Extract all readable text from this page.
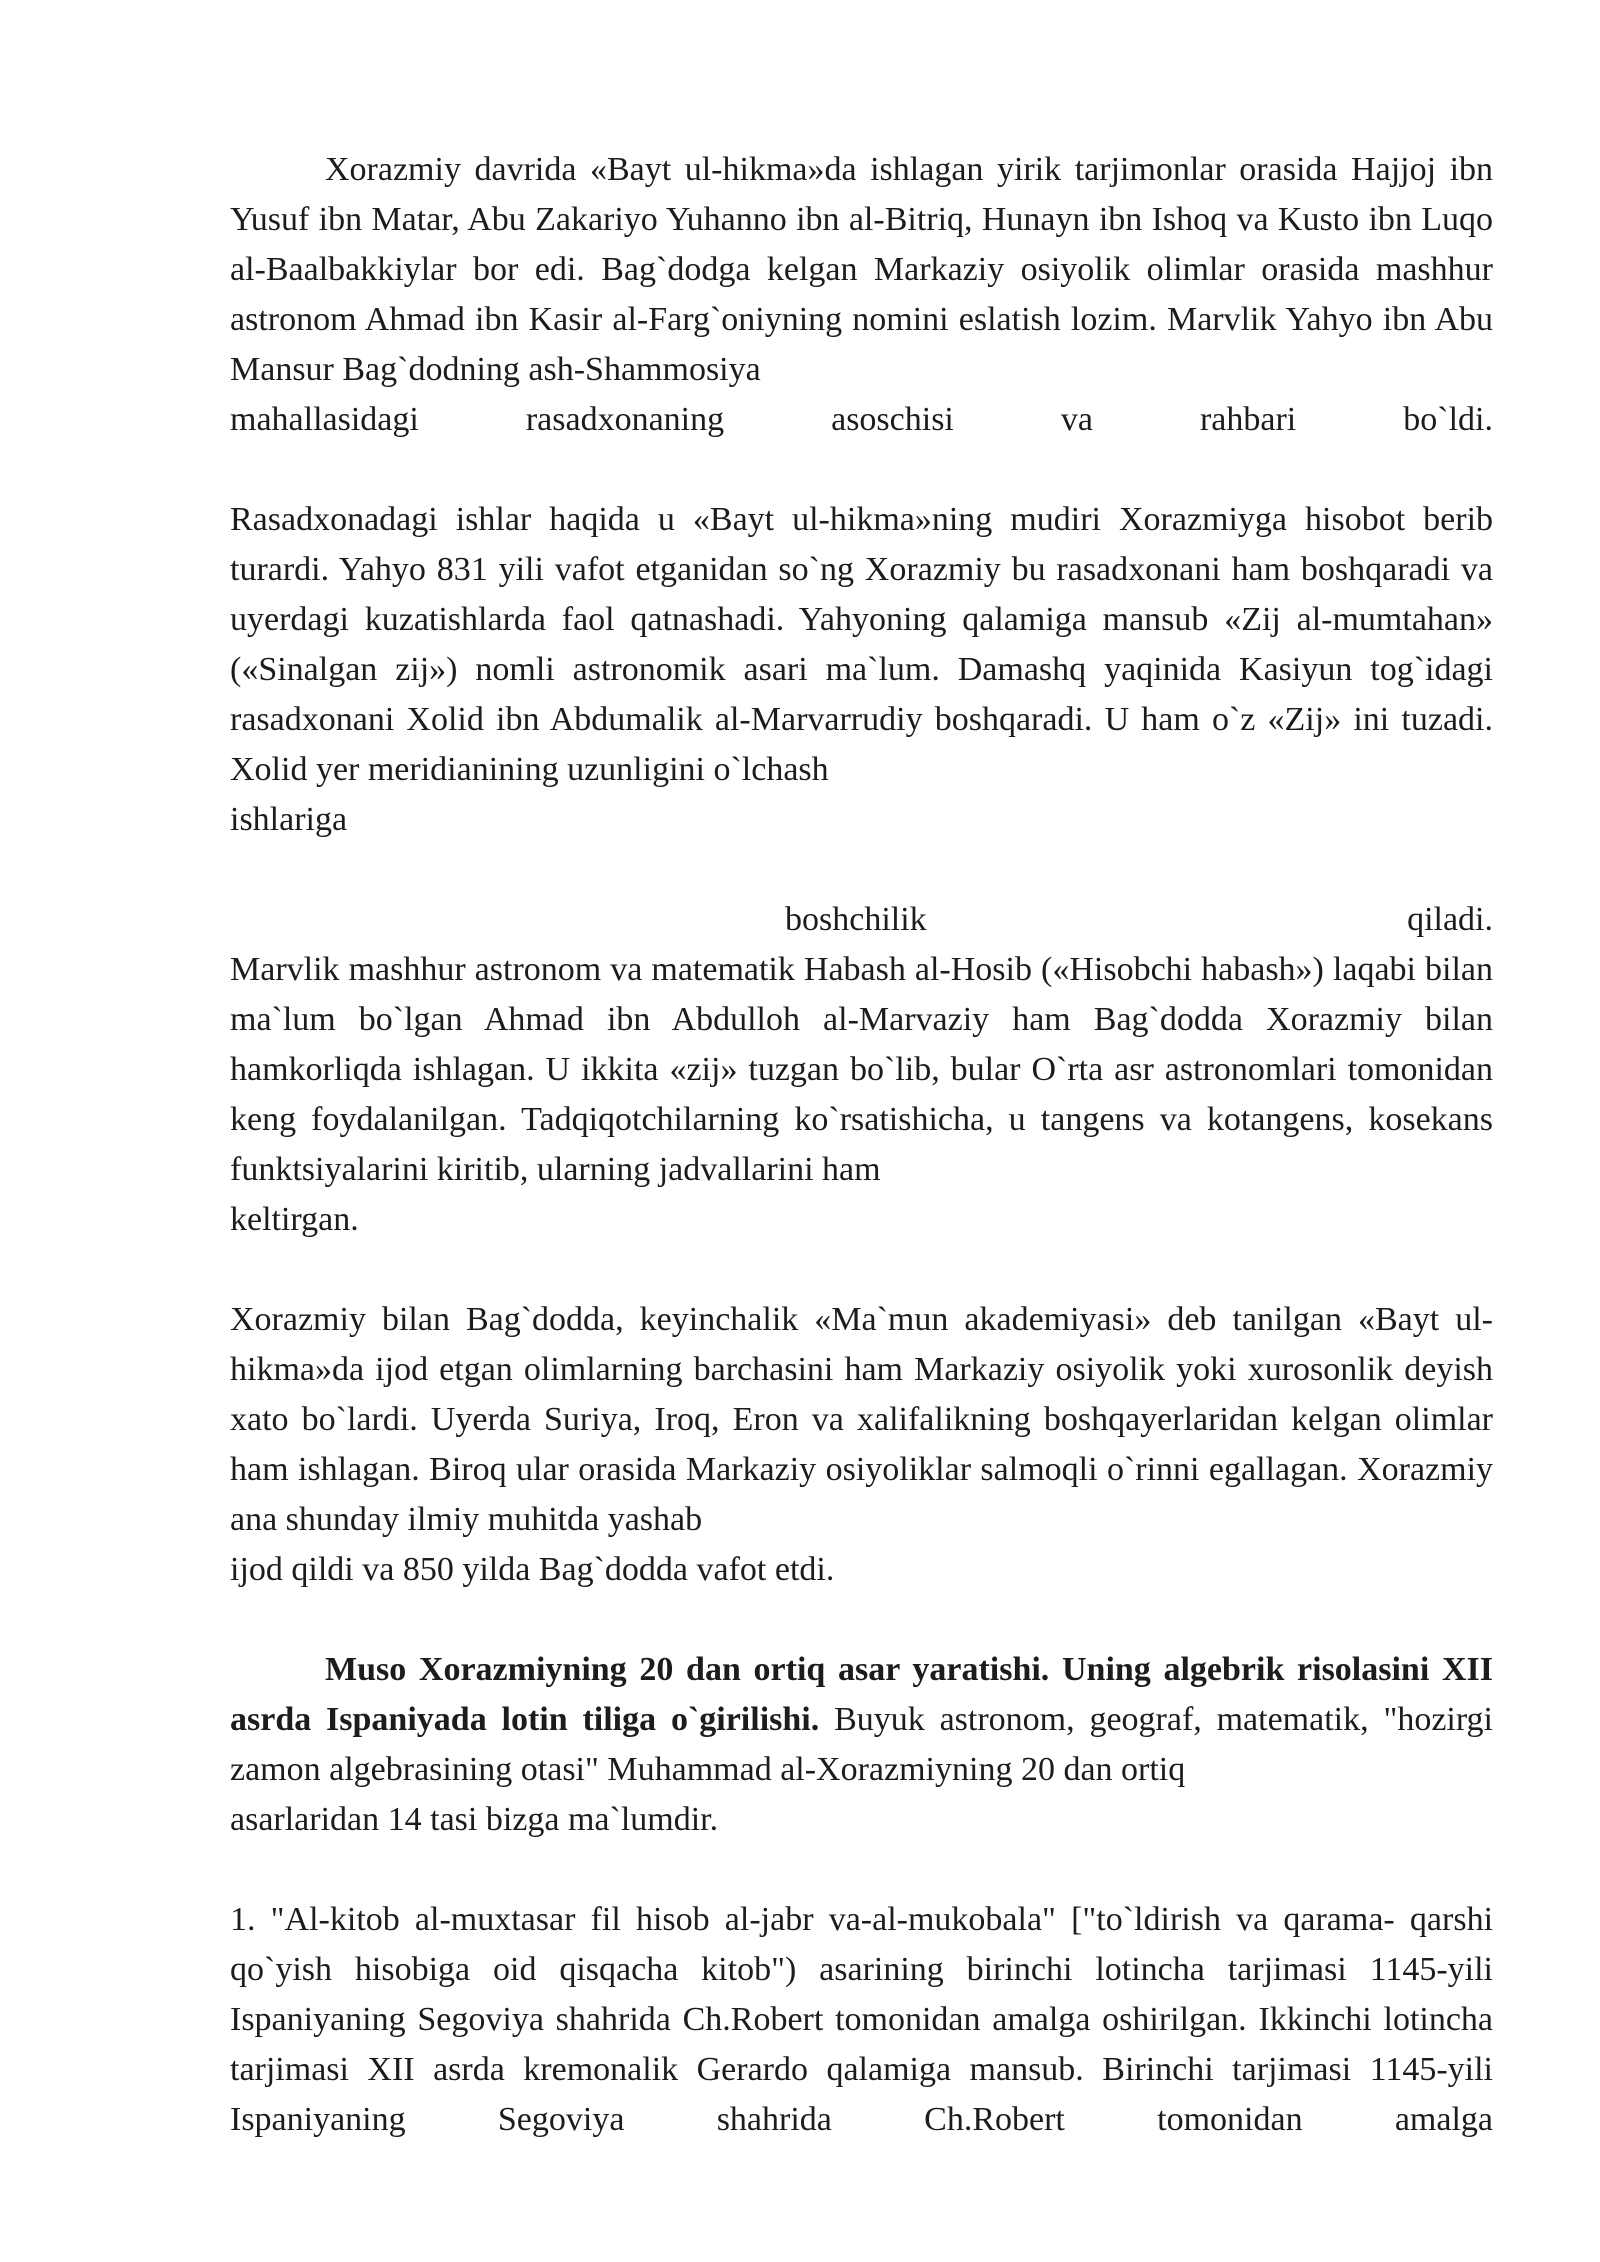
Xorazmiy davrida «Bayt ul-hikma»da ishlagan yirik tarjimonlar orasida Hajjoj ibn Yusuf ibn Matar, Abu Zakariyo Yuhanno ibn al-Bitriq, Hunayn ibn Ishoq va Kusto ibn Luqo al-Baalbakkiylar bor edi. Bag`dodga kelgan Markaziy osiyolik olimlar orasida mashhur astronom Ahmad ibn Kasir al-Farg`oniyning nomini eslatish lozim. Marvlik Yahyo ibn Abu Mansur Bag`dodning ash-Shammosiya
mahallasidagi	rasadxonaning	asoschisi	va	rahbari	bo`ldi.
Rasadxonadagi ishlar haqida u «Bayt ul-hikma»ning mudiri Xorazmiyga hisobot berib turardi. Yahyo 831 yili vafot etganidan so`ng Xorazmiy bu rasadxonani ham boshqaradi va uyerdagi kuzatishlarda faol qatnashadi. Yahyoning qalamiga mansub «Zij al-mumtahan» («Sinalgan zij») nomli astronomik asari ma`lum. Damashq yaqinida Kasiyun tog`idagi rasadxonani Xolid ibn Abdumalik al-Marvarrudiy boshqaradi. U ham o`z «Zij» ini tuzadi. Xolid yer meridianining uzunligini o`lchash
ishlariga
boshchilik	qiladi.
Marvlik mashhur astronom va matematik Habash al-Hosib («Hisobchi habash») laqabi bilan ma`lum bo`lgan Ahmad ibn Abdulloh al-Marvaziy ham Bag`dodda Xorazmiy bilan hamkorliqda ishlagan. U ikkita «zij» tuzgan bo`lib, bular O`rta asr astronomlari tomonidan keng foydalanilgan. Tadqiqotchilarning ko`rsatishicha, u tangens va kotangens, kosekans funktsiyalarini kiritib, ularning jadvallarini ham
keltirgan.
Xorazmiy bilan Bag`dodda, keyinchalik «Ma`mun akademiyasi» deb tanilgan «Bayt ul-hikma»da ijod etgan olimlarning barchasini ham Markaziy osiyolik yoki xurosonlik deyish xato bo`lardi. Uyerda Suriya, Iroq, Eron va xalifalikning boshqayerlaridan kelgan olimlar ham ishlagan. Biroq ular orasida Markaziy osiyoliklar salmoqli o`rinni egallagan. Xorazmiy ana shunday ilmiy muhitda yashab
ijod qildi va 850 yilda Bag`dodda vafot etdi.
Muso Xorazmiyning 20 dan ortiq asar yaratishi. Uning algebrik risolasini XII asrda Ispaniyada lotin tiliga o`girilishi. Buyuk astronom, geograf, matematik, "hozirgi zamon algebrasining otasi" Muhammad al-Xorazmiyning 20 dan ortiq
asarlaridan 14 tasi bizga ma`lumdir.
1. "Al-kitob al-muxtasar fil hisob al-jabr va-al-mukobala" ["to`ldirish va qarama- qarshi qo`yish hisobiga oid qisqacha kitob") asarining birinchi lotincha tarjimasi 1145-yili Ispaniyaning Segoviya shahrida Ch.Robert tomonidan amalga oshirilgan. Ikkinchi lotincha tarjimasi XII asrda kremonalik Gerardo qalamiga mansub. Birinchi tarjimasi 1145-yili Ispaniyaning Segoviya shahrida Ch.Robert tomonidan amalga
